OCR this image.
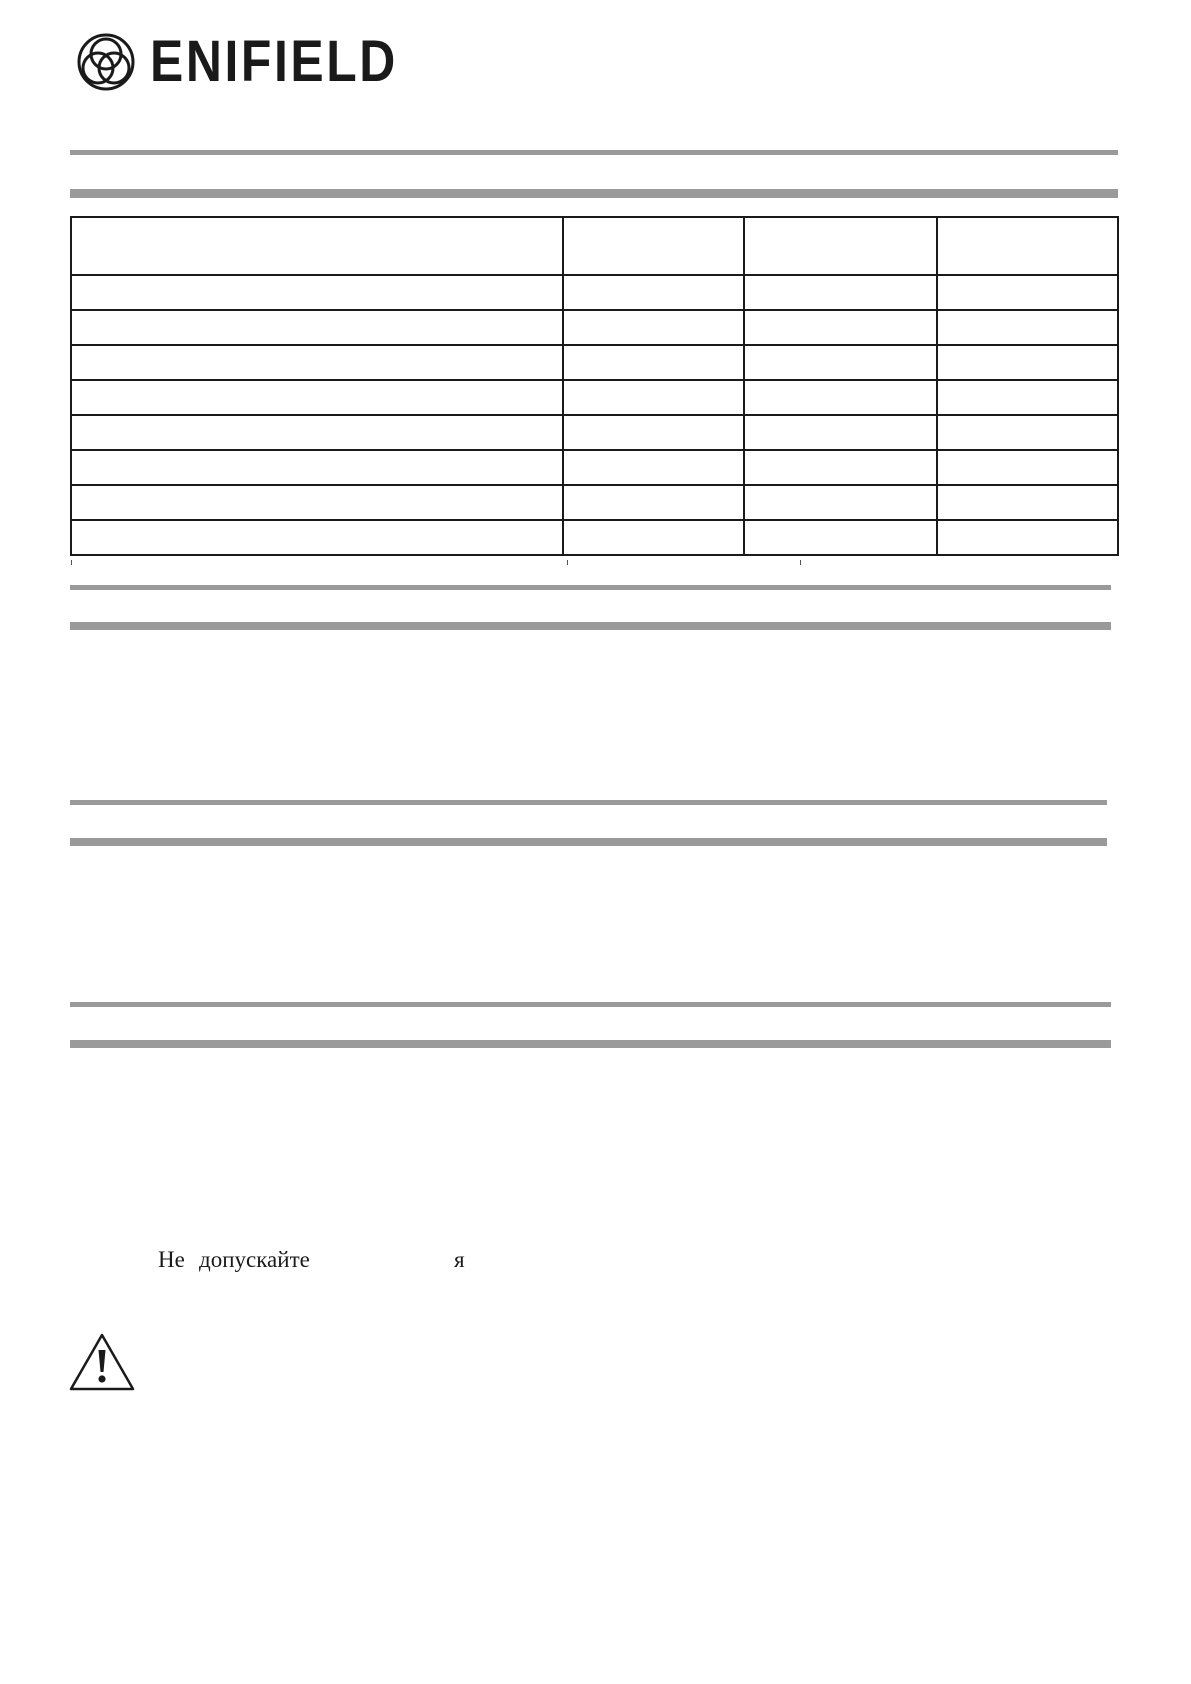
ENIFIELD

Не допускайте	я
